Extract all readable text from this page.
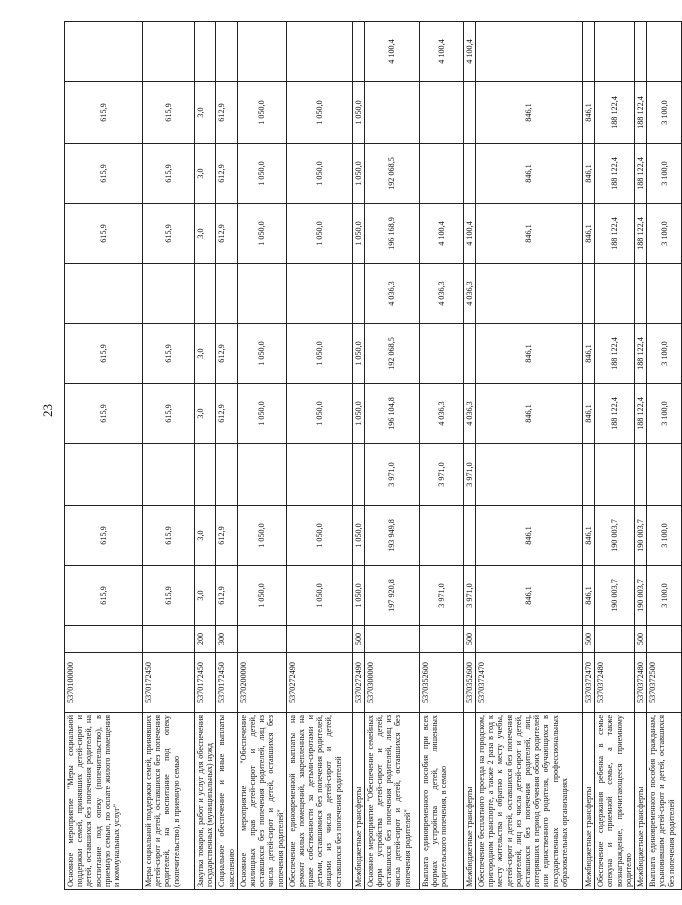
23
Основное мероприятие "Меры социальной поддержки семей, принявших детей-сирот и детей, оставшихся без попечения родителей, на воспитание под опеку (попечительство), в приемную семью, по оплате жилого помещения и коммунальных услуг"	5370100000		615,9	615,9		615,9	615,9		615,9	615,9	615,9	
Меры социальной поддержки семей, принявших детей-сирот и детей, оставшихся без попечения родителей, на воспитание под опеку (попечительство), в приемную семью	5370172450		615,9	615,9		615,9	615,9		615,9	615,9	615,9	
Закупка товаров, работ и услуг для обеспечения государственных (муниципальных) нужд	5370172450	200	3,0	3,0		3,0	3,0		3,0	3,0	3,0	
Социальное обеспечение и иные выплаты населению	5370172450	300	612,9	612,9		612,9	612,9		612,9	612,9	612,9	
Основное мероприятие "Обеспечение жилищных прав детей-сирот и детей, оставшихся без попечения родителей, лиц из числа детей-сирот и детей, оставшихся без попечения родителей"	5370200000		1 050,0	1 050,0		1 050,0	1 050,0		1 050,0	1 050,0	1 050,0	
Обеспечение единовременной выплаты на ремонт жилых помещений, закрепленных на праве собственности за детьми-сиротами и детьми, оставшимися без попечения родителей, лицами из числа детей-сирот и детей, оставшихся без попечения родителей	5370272490		1 050,0	1 050,0		1 050,0	1 050,0		1 050,0	1 050,0	1 050,0	
Межбюджетные трансферты	5370272490	500	1 050,0	1 050,0		1 050,0	1 050,0		1 050,0	1 050,0	1 050,0	
Основное мероприятие "Обеспечение семейных форм устройства детей-сирот и детей, оставшихся без попечения родителей, лиц из числа детей-сирот и детей, оставшихся без попечения родителей"	5370300000		197 920,8	193 949,8	3 971,0	196 104,8	192 068,5	4 036,3	196 168,9	192 068,5		4 100,4
Выплата единовременного пособия при всех формах устройства детей, лишенных родительского попечения, в семью	5370352600		3 971,0		3 971,0	4 036,3		4 036,3	4 100,4			4 100,4
Межбюджетные трансферты	5370352600	500	3 971,0		3 971,0	4 036,3		4 036,3	4 100,4			4 100,4
Обеспечение бесплатного проезда на городском, пригородном транспорте, а также 2 раза в год к месту жительства и обратно к месту учебы, детей-сирот и детей, оставшихся без попечения родителей, лиц из числа детей-сирот и детей, оставшихся без попечения родителей, лиц, потерявших в период обучения обоих родителей или единственного родителя, обучающихся в государственных профессиональных образовательных организациях	5370372470		846,1	846,1		846,1	846,1		846,1	846,1	846,1	
Межбюджетные трансферты	5370372470	500	846,1	846,1		846,1	846,1		846,1	846,1	846,1	
Обеспечение содержания ребенка в семье опекуна и приемной семье, а также вознаграждение, причитающееся приемному родителю	5370372480		190 003,7	190 003,7		188 122,4	188 122,4		188 122,4	188 122,4	188 122,4	
Межбюджетные трансферты	5370372480	500	190 003,7	190 003,7		188 122,4	188 122,4		188 122,4	188 122,4	188 122,4	
Выплата единовременного пособия гражданам, усыновившим детей-сирот и детей, оставшихся без попечения родителей	5370372500		3 100,0	3 100,0		3 100,0	3 100,0		3 100,0	3 100,0	3 100,0	
